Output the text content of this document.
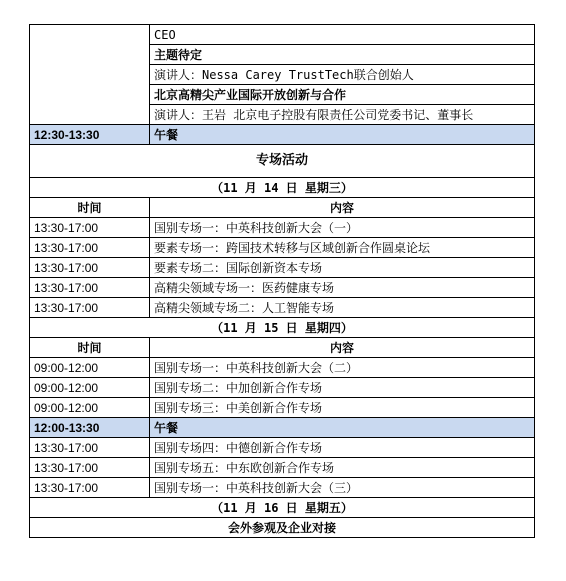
	CEO
	主题待定
	演讲人：Nessa Carey TrustTech联合创始人
	北京高精尖产业国际开放创新与合作
	演讲人：王岩 北京电子控股有限责任公司党委书记、董事长
12:30-13:30	午餐
专场活动	
（11 月 14 日 星期三）	
时间	内容
13:30-17:00	国别专场一：中英科技创新大会（一）
13:30-17:00	要素专场一：跨国技术转移与区域创新合作圆桌论坛
13:30-17:00	要素专场二：国际创新资本专场
13:30-17:00	高精尖领域专场一：医药健康专场
13:30-17:00	高精尖领域专场二：人工智能专场
（11 月 15 日 星期四）	
时间	内容
09:00-12:00	国别专场一：中英科技创新大会（二）
09:00-12:00	国别专场二：中加创新合作专场
09:00-12:00	国别专场三：中美创新合作专场
12:00-13:30	午餐
13:30-17:00	国别专场四：中德创新合作专场
13:30-17:00	国别专场五：中东欧创新合作专场
13:30-17:00	国别专场一：中英科技创新大会（三）
（11 月 16 日 星期五）	
会外参观及企业对接	
